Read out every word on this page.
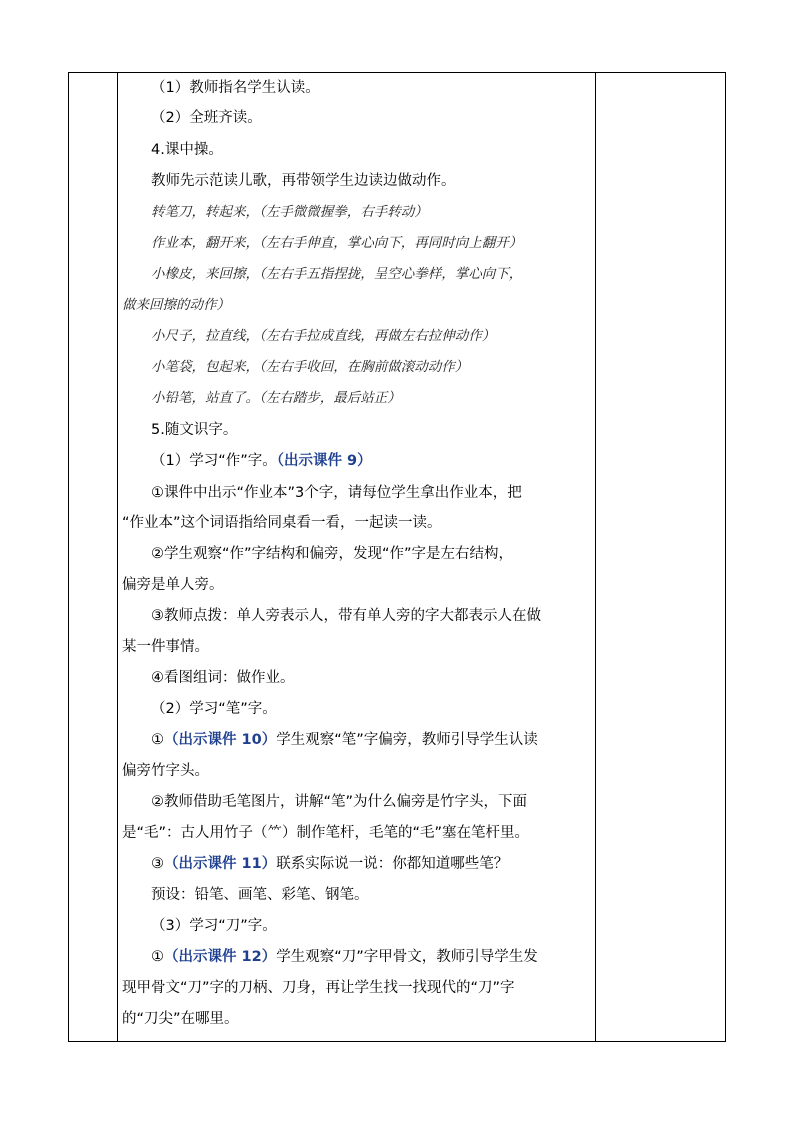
（1）教师指名学生认读。
（2）全班齐读。
4.课中操。
教师先示范读儿歌，再带领学生边读边做动作。
转笔刀，转起来，（左手微微握拳，右手转动）
作业本，翻开来，（左右手伸直，掌心向下，再同时向上翻开）
小橡皮，来回擦，（左右手五指捏拢，呈空心拳样，掌心向下，
做来回擦的动作）
小尺子，拉直线，（左右手拉成直线，再做左右拉伸动作）
小笔袋，包起来，（左右手收回，在胸前做滚动动作）
小铅笔，站直了。（左右踏步，最后站正）
5.随文识字。
（1）学习“作”字。（出示课件 9）
①课件中出示“作业本”3个字，请每位学生拿出作业本，把
“作业本”这个词语指给同桌看一看，一起读一读。
②学生观察“作”字结构和偏旁，发现“作”字是左右结构，
偏旁是单人旁。
③教师点拨：单人旁表示人，带有单人旁的字大都表示人在做
某一件事情。
④看图组词：做作业。
（2）学习“笔”字。
①（出示课件 10）学生观察“笔”字偏旁，教师引导学生认读
偏旁竹字头。
②教师借助毛笔图片，讲解“笔”为什么偏旁是竹字头，下面
是“毛”：古人用竹子（⺮）制作笔杆，毛笔的“毛”塞在笔杆里。
③（出示课件 11）联系实际说一说：你都知道哪些笔？
预设：铅笔、画笔、彩笔、钢笔。
（3）学习“刀”字。
①（出示课件 12）学生观察“刀”字甲骨文，教师引导学生发
现甲骨文“刀”字的刀柄、刀身，再让学生找一找现代的“刀”字
的“刀尖”在哪里。
